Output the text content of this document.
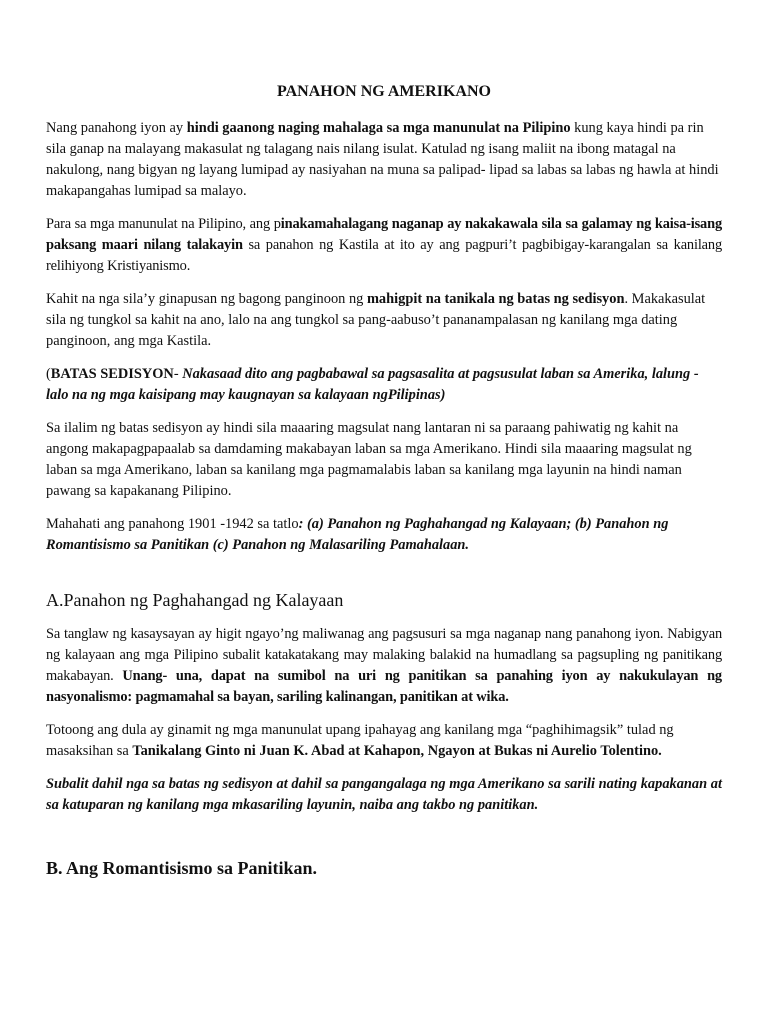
PANAHON NG AMERIKANO

Nang panahong iyon ay hindi gaanong naging mahalaga sa mga manunulat na Pilipino kung kaya hindi pa rin sila ganap na malayang makasulat ng talagang nais nilang isulat. Katulad ng isang maliit na ibong matagal na nakulong, nang bigyan ng layang lumipad ay nasiyahan na muna sa palipad- lipad sa labas sa labas ng hawla at hindi makapangahas lumipad sa malayo.

Para sa mga manunulat na Pilipino, ang pinakamahalagang naganap ay nakakawala sila sa galamay ng kaisa-isang paksang maari nilang talakayin sa panahon ng Kastila at ito ay ang pagpuri’t pagbibigay-karangalan sa kanilang relihiyong Kristiyanismo.

Kahit na nga sila’y ginapusan ng bagong panginoon ng mahigpit na tanikala ng batas ng sedisyon. Makakasulat sila ng tungkol sa kahit na ano, lalo na ang tungkol sa pang-aabuso’t pananampalasan ng kanilang mga dating panginoon, ang mga Kastila.

(BATAS SEDISYON- Nakasaad dito ang pagbabawal sa pagsasalita at pagsusulat laban sa Amerika, lalung - lalo na ng mga kaisipang may kaugnayan sa kalayaan ngPilipinas)

Sa ilalim ng batas sedisyon ay hindi sila maaaring magsulat nang lantaran ni sa paraang pahiwatig ng kahit na angong makapagpapaalab sa damdaming makabayan laban sa mga Amerikano. Hindi sila maaaring magsulat ng laban sa mga Amerikano, laban sa kanilang mga pagmamalabis laban sa kanilang mga layunin na hindi naman pawang sa kapakanang Pilipino.

Mahahati ang panahong 1901 -1942 sa tatlo: (a) Panahon ng Paghahangad ng Kalayaan; (b) Panahon ng Romantisismo sa Panitikan (c) Panahon ng Malasariling Pamahalaan.

A.Panahon ng Paghahangad ng Kalayaan

Sa tanglaw ng kasaysayan ay higit ngayo’ng maliwanag ang pagsusuri sa mga naganap nang panahong iyon. Nabigyan ng kalayaan ang mga Pilipino subalit katakatakang may malaking balakid na humadlang sa pagsupling ng panitikang makabayan. Unang- una, dapat na sumibol na uri ng panitikan sa panahing iyon ay nakukulayan ng nasyonalismo: pagmamahal sa bayan, sariling kalinangan, panitikan at wika.

Totoong ang dula ay ginamit ng mga manunulat upang ipahayag ang kanilang mga “paghihimagsik” tulad ng masaksihan sa Tanikalang Ginto ni Juan K. Abad at Kahapon, Ngayon at Bukas ni Aurelio Tolentino.

Subalit dahil nga sa batas ng sedisyon at dahil sa pangangalaga ng mga Amerikano sa sarili nating kapakanan at sa katuparan ng kanilang mga mkasariling layunin, naiba ang takbo ng panitikan.

B. Ang Romantisismo sa Panitikan.
